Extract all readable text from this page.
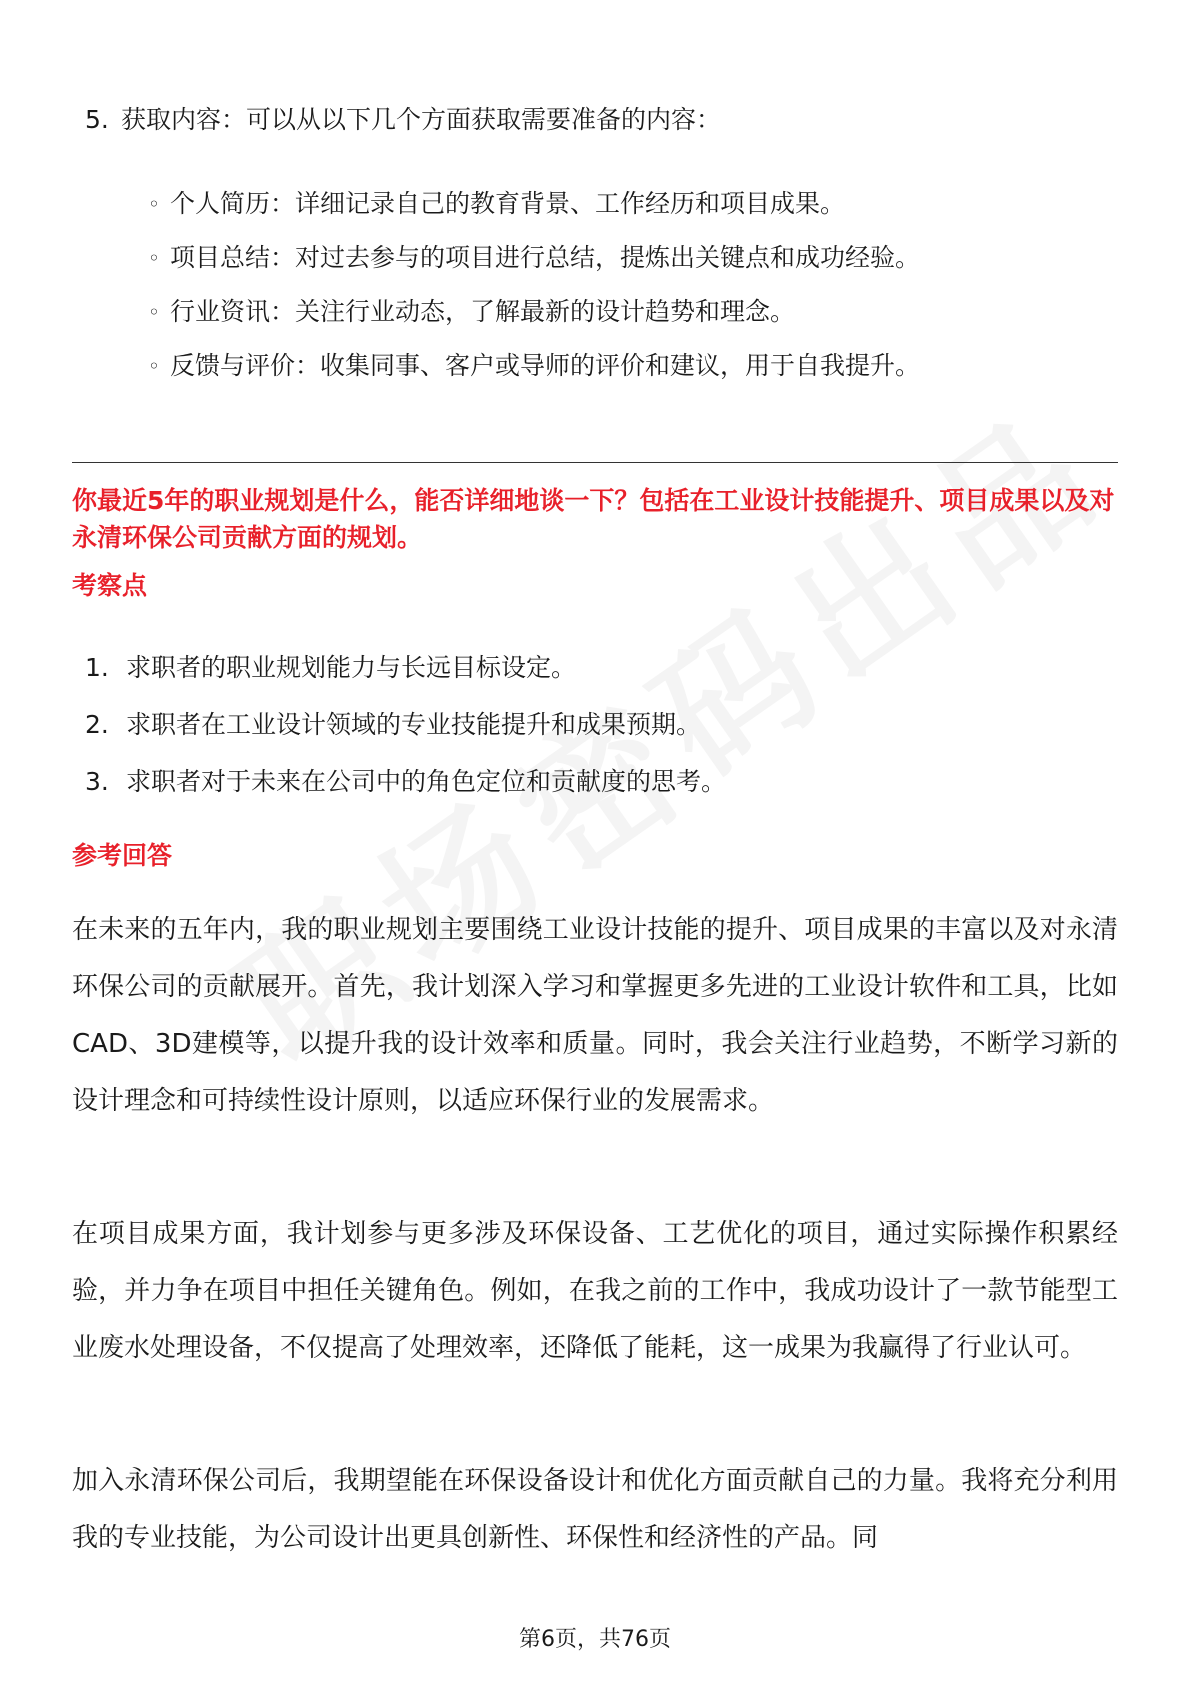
5. 获取内容：可以从以下几个方面获取需要准备的内容：
◦ 个人简历：详细记录自己的教育背景、工作经历和项目成果。
◦ 项目总结：对过去参与的项目进行总结，提炼出关键点和成功经验。
◦ 行业资讯：关注行业动态，了解最新的设计趋势和理念。
◦ 反馈与评价：收集同事、客户或导师的评价和建议，用于自我提升。
你最近5年的职业规划是什么，能否详细地谈一下？包括在工业设计技能提升、项目成果以及对永清环保公司贡献方面的规划。
考察点
1. 求职者的职业规划能力与长远目标设定。
2. 求职者在工业设计领域的专业技能提升和成果预期。
3. 求职者对于未来在公司中的角色定位和贡献度的思考。
参考回答

在未来的五年内，我的职业规划主要围绕工业设计技能的提升、项目成果的丰富以及对永清环保公司的贡献展开。首先，我计划深入学习和掌握更多先进的工业设计软件和工具，比如CAD、3D建模等，以提升我的设计效率和质量。同时，我会关注行业趋势，不断学习新的设计理念和可持续性设计原则，以适应环保行业的发展需求。

在项目成果方面，我计划参与更多涉及环保设备、工艺优化的项目，通过实际操作积累经验，并力争在项目中担任关键角色。例如，在我之前的工作中，我成功设计了一款节能型工业废水处理设备，不仅提高了处理效率，还降低了能耗，这一成果为我赢得了行业认可。

加入永清环保公司后，我期望能在环保设备设计和优化方面贡献自己的力量。我将充分利用我的专业技能，为公司设计出更具创新性、环保性和经济性的产品。同

第6页，共76页
